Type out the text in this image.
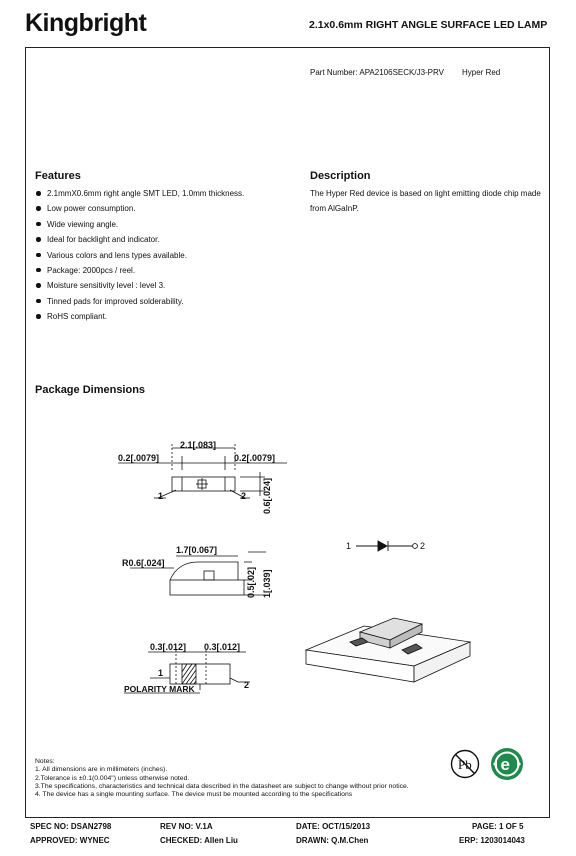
Kingbright	2.1x0.6mm RIGHT ANGLE SURFACE LED LAMP
Part Number: APA2106SECK/J3-PRV Hyper Red
Features
2.1mmX0.6mm right angle SMT LED, 1.0mm thickness.
Low power consumption.
Wide viewing angle.
Ideal for backlight and indicator.
Various colors and lens types available.
Package: 2000pcs / reel.
Moisture sensitivity level : level 3.
Tinned pads for improved solderability.
RoHS compliant.
Description
The Hyper Red device is based on light emitting diode chip made from AlGaInP.
Package Dimensions
2.1[.083]
0.2[.0079]	0.2[.0079]
1	2 0.6[.024]
1.7[0.067]
R0.6[.024]
0.5[.02] 1[.039]
0.3[.012] 0.3[.012]
1
2
POLARITY MARK
1	2
Notes:
1. All dimensions are in millimeters (inches).
2.Tolerance is ±0.1(0.004") unless otherwise noted.
3.The specifications, characteristics and technical data described in the datasheet are subject to change without prior notice.
4. The device has a single mounting surface. The device must be mounted according to the specifications
Pb e
SPEC NO: DSAN2798	REV NO: V.1A	DATE: OCT/15/2013	PAGE: 1 OF 5
APPROVED: WYNEC	CHECKED: Allen Liu	DRAWN: Q.M.Chen	ERP: 1203014043
